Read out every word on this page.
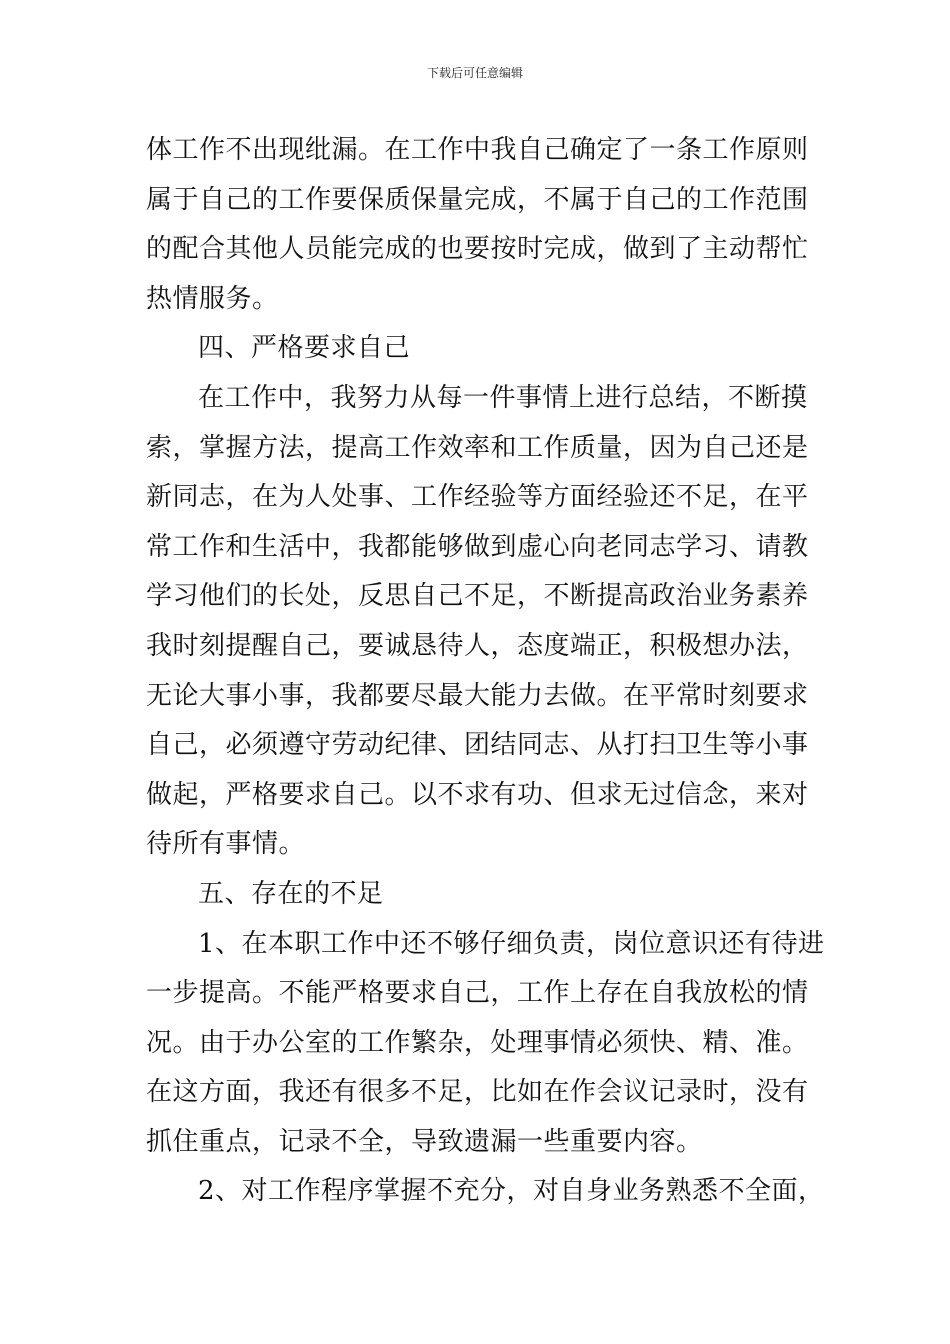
下载后可任意编辑
体工作不出现纰漏。在工作中我自己确定了一条工作原则
属于自己的工作要保质保量完成，不属于自己的工作范围
的配合其他人员能完成的也要按时完成，做到了主动帮忙
热情服务。
四、严格要求自己
在工作中，我努力从每一件事情上进行总结，不断摸
索，掌握方法，提高工作效率和工作质量，因为自己还是
新同志，在为人处事、工作经验等方面经验还不足，在平
常工作和生活中，我都能够做到虚心向老同志学习、请教
学习他们的长处，反思自己不足，不断提高政治业务素养
我时刻提醒自己，要诚恳待人，态度端正，积极想办法，
无论大事小事，我都要尽最大能力去做。在平常时刻要求
自己，必须遵守劳动纪律、团结同志、从打扫卫生等小事
做起，严格要求自己。以不求有功、但求无过信念，来对
待所有事情。
五、存在的不足
1、在本职工作中还不够仔细负责，岗位意识还有待进
一步提高。不能严格要求自己，工作上存在自我放松的情
况。由于办公室的工作繁杂，处理事情必须快、精、准。
在这方面，我还有很多不足，比如在作会议记录时，没有
抓住重点，记录不全，导致遗漏一些重要内容。
2、对工作程序掌握不充分，对自身业务熟悉不全面，
